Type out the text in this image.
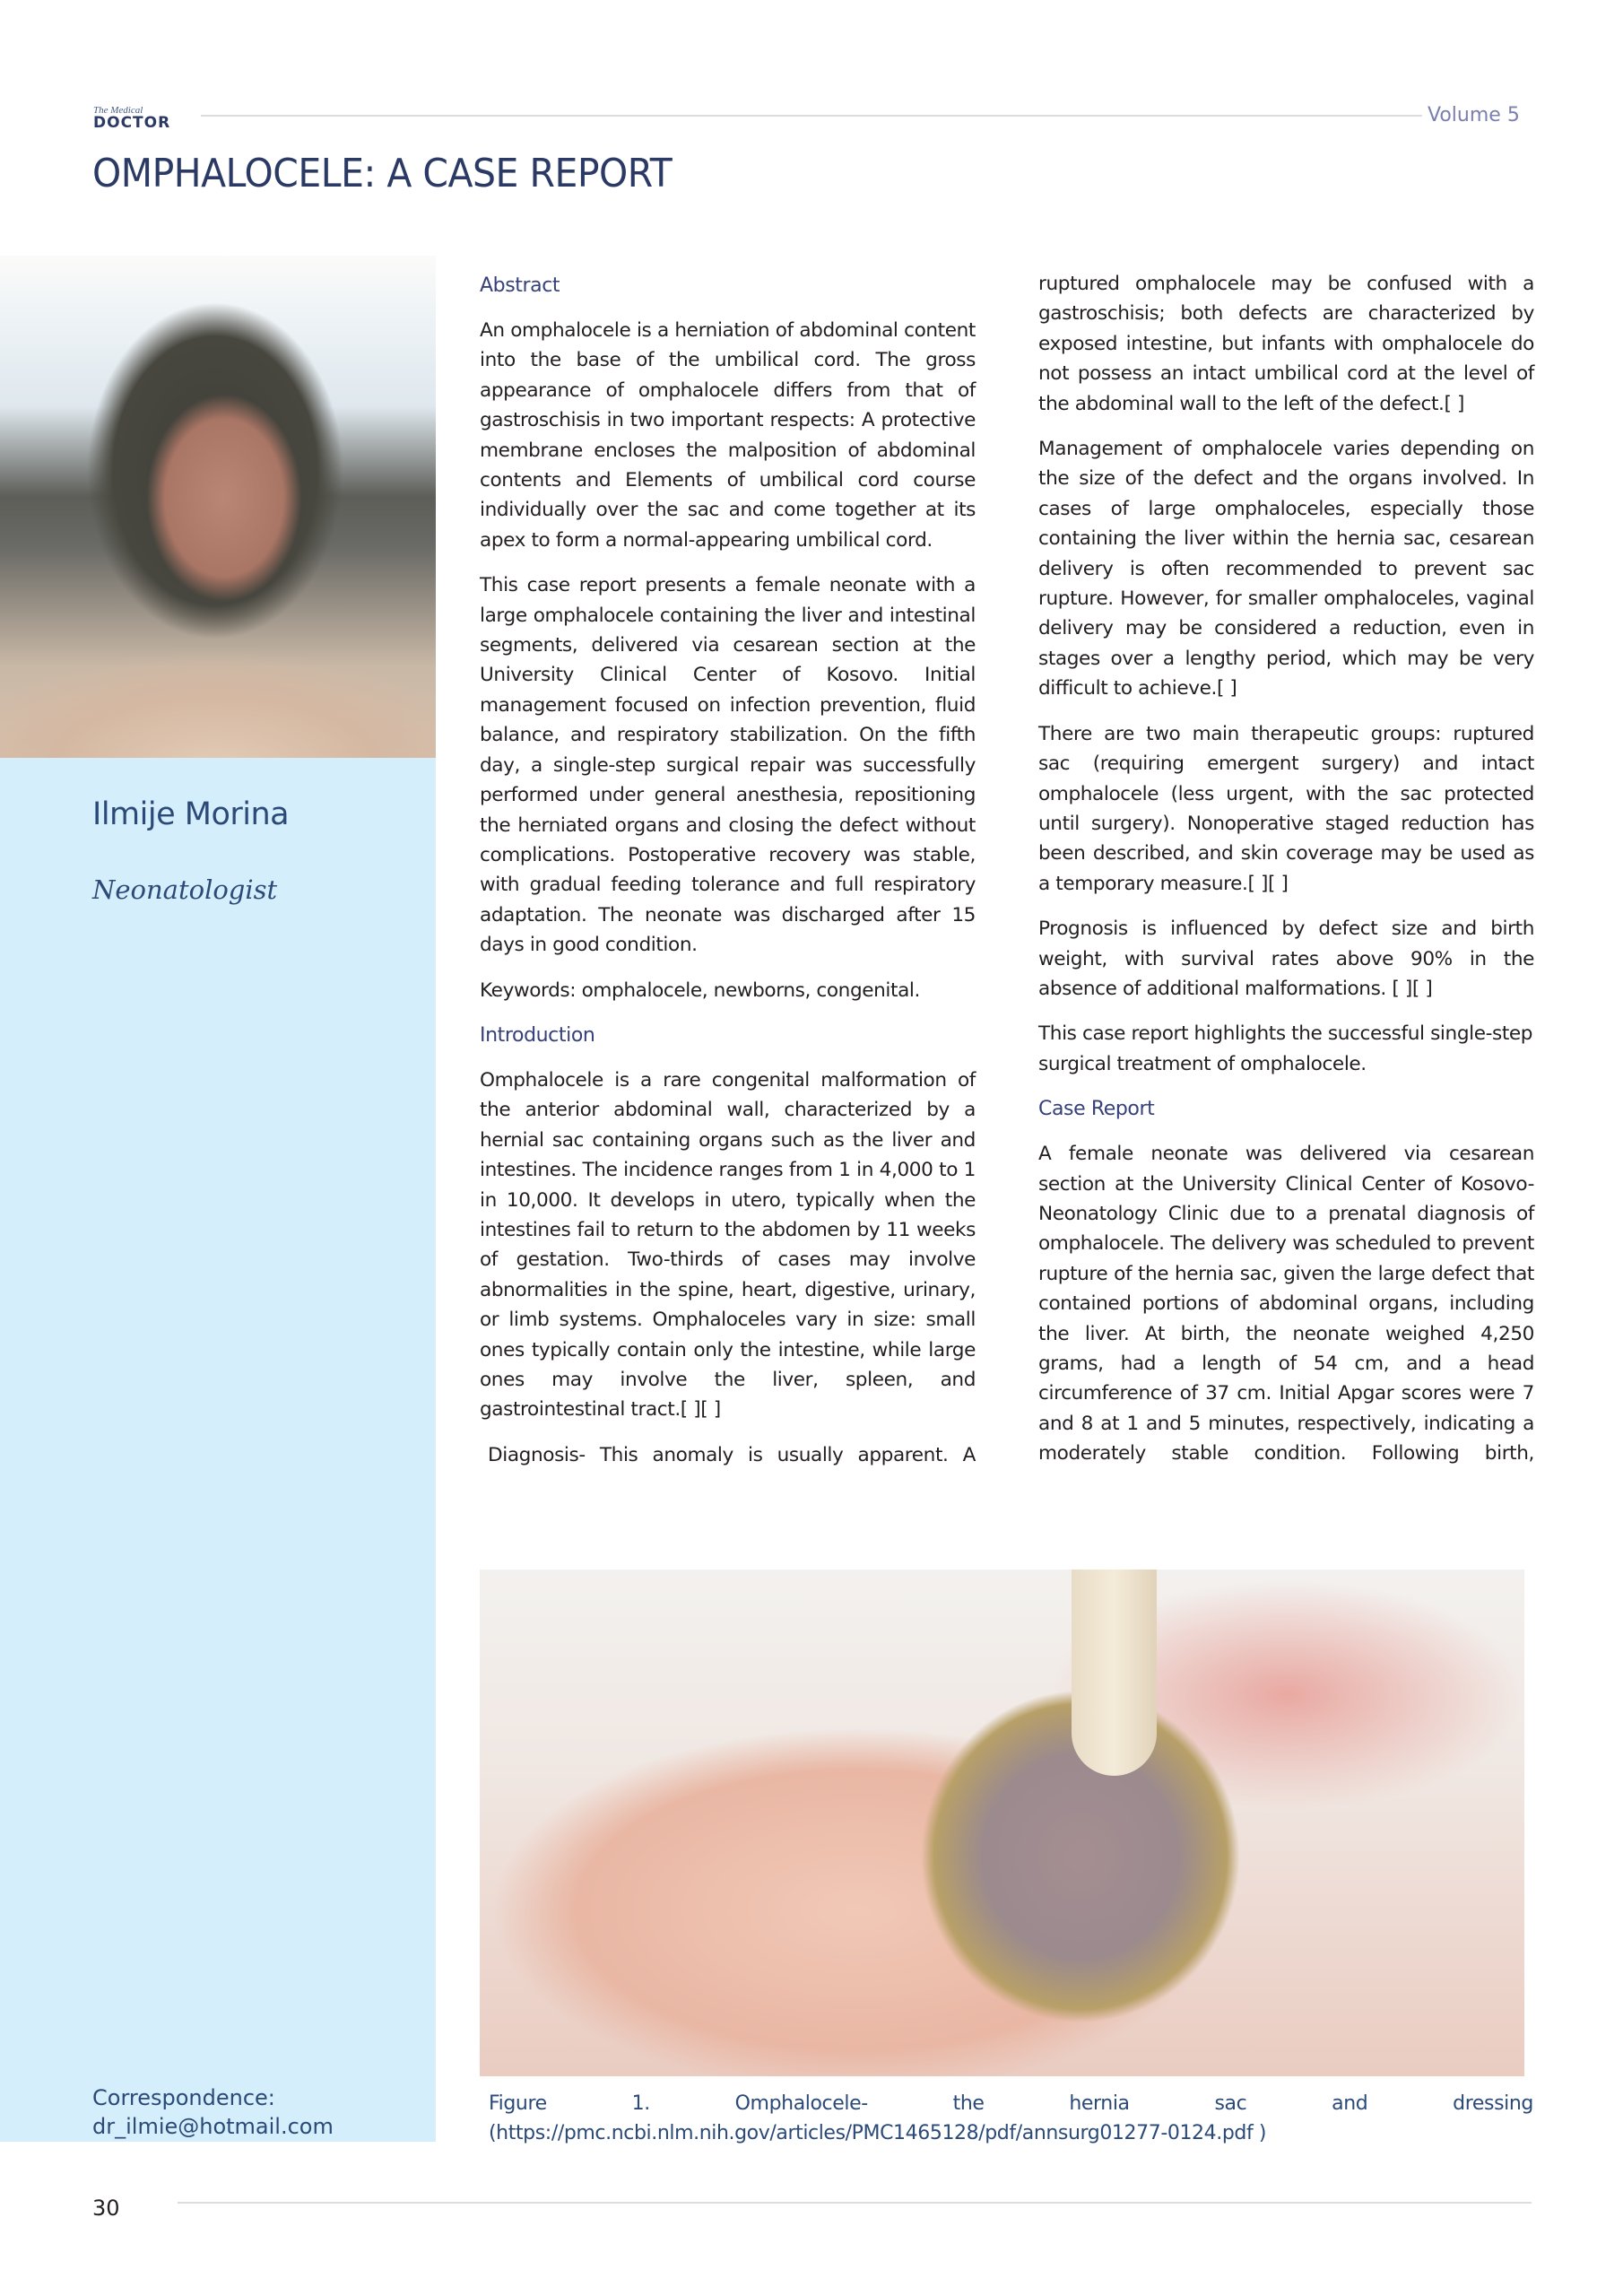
The Medical
DOCTOR	Volume 5
OMPHALOCELE: A CASE REPORT
Ilmije Morina
Neonatologist
Correspondence:
dr_ilmie@hotmail.com
Abstract

An omphalocele is a herniation of abdominal content into the base of the umbilical cord. The gross appearance of omphalocele differs from that of gastroschisis in two important respects: A protective membrane encloses the malposition of abdominal contents and Elements of umbilical cord course individually over the sac and come together at its apex to form a normal-appearing umbilical cord.

This case report presents a female neonate with a large omphalocele containing the liver and intestinal segments, delivered via cesarean section at the University Clinical Center of Kosovo. Initial management focused on infection prevention, fluid balance, and respiratory stabilization. On the fifth day, a single-step surgical repair was successfully performed under general anesthesia, repositioning the herniated organs and closing the defect without complications. Postoperative recovery was stable, with gradual feeding tolerance and full respiratory adaptation. The neonate was discharged after 15 days in good condition.

Keywords: omphalocele, newborns, congenital.

Introduction

Omphalocele is a rare congenital malformation of the anterior abdominal wall, characterized by a hernial sac containing organs such as the liver and intestines. The incidence ranges from 1 in 4,000 to 1 in 10,000. It develops in utero, typically when the intestines fail to return to the abdomen by 11 weeks of gestation. Two-thirds of cases may involve abnormalities in the spine, heart, digestive, urinary, or limb systems. Omphaloceles vary in size: small ones typically contain only the intestine, while large ones may involve the liver, spleen, and gastrointestinal tract.[ ][ ]

Diagnosis- This anomaly is usually apparent. A

ruptured omphalocele may be confused with a gastroschisis; both defects are characterized by exposed intestine, but infants with omphalocele do not possess an intact umbilical cord at the level of the abdominal wall to the left of the defect.[ ]

Management of omphalocele varies depending on the size of the defect and the organs involved. In cases of large omphaloceles, especially those containing the liver within the hernia sac, cesarean delivery is often recommended to prevent sac rupture. However, for smaller omphaloceles, vaginal delivery may be considered a reduction, even in stages over a lengthy period, which may be very difficult to achieve.[ ]

There are two main therapeutic groups: ruptured sac (requiring emergent surgery) and intact omphalocele (less urgent, with the sac protected until surgery). Nonoperative staged reduction has been described, and skin coverage may be used as a temporary measure.[ ][ ]

Prognosis is influenced by defect size and birth weight, with survival rates above 90% in the absence of additional malformations. [ ][ ]

This case report highlights the successful single-step surgical treatment of omphalocele.

Case Report

A female neonate was delivered via cesarean section at the University Clinical Center of Kosovo- Neonatology Clinic due to a prenatal diagnosis of omphalocele. The delivery was scheduled to prevent rupture of the hernia sac, given the large defect that contained portions of abdominal organs, including the liver. At birth, the neonate weighed 4,250 grams, had a length of 54 cm, and a head circumference of 37 cm. Initial Apgar scores were 7 and 8 at 1 and 5 minutes, respectively, indicating a moderately stable condition. Following birth,

Figure 1. Omphalocele- the hernia sac and dressing (https://pmc.ncbi.nlm.nih.gov/articles/PMC1465128/pdf/annsurg01277-0124.pdf )
30
